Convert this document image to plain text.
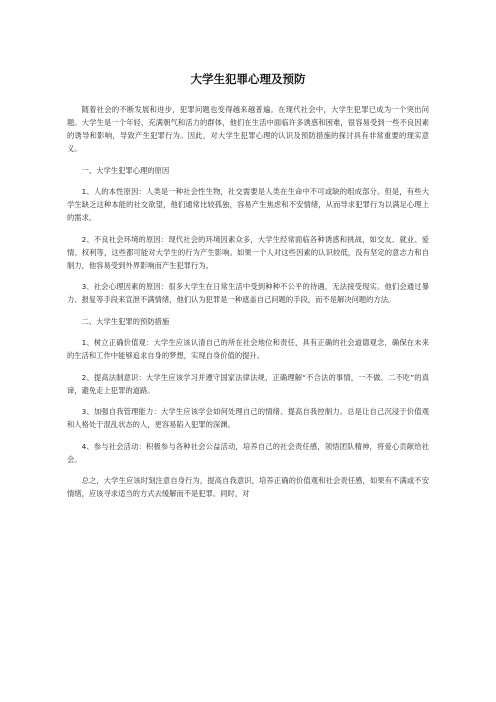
大学生犯罪心理及预防

随着社会的不断发展和进步，犯罪问题也变得越来越普遍。在现代社会中，大学生犯罪已成为一个突出问题。大学生是一个年轻、充满朝气和活力的群体，他们在生活中面临许多诱惑和困难，很容易受到一些不良因素的诱导和影响，导致产生犯罪行为。因此，对大学生犯罪心理的认识及预防措施的探讨具有非常重要的现实意义。

一、大学生犯罪心理的原因

1、人的本性原因：人类是一种社会性生物，社交需要是人类在生命中不可或缺的组成部分。但是，有些大学生缺乏这种本能的社交欲望，他们通常比较孤独，容易产生焦虑和不安情绪，从而导求犯罪行为以满足心理上的需求。

2、不良社会环境的原因：现代社会的环境因素众多，大学生经常面临各种诱惑和挑战，如交友、就业、爱情、权利等，这些都可能对大学生的行为产生影响。如果一个人对这些因素的认识较低，没有坚定的意志力和自制力，他容易受到外界影响而产生犯罪行为。

3、社会心理因素的原因：很多大学生在日常生活中受到种种不公平的待遇，无法接受现实。他们会通过暴力、报复等手段来宣泄不满情绪，他们认为犯罪是一种遮盖自己问题的手段，而不是解决问题的方法。

二、大学生犯罪的预防措施

1、树立正确价值观：大学生应该认清自己的所在社会地位和责任，具有正确的社会道德观念，确保在未来的生活和工作中能够追求自身的梦想，实现自身价值的提升。

2、提高法制意识：大学生应该学习并遵守国家法律法规，正确理解“不合法的事情，一不做、二不吃”的真谛，避免走上犯罪的道路。

3、加强自我管理能力：大学生应该学会如何处理自己的情绪、提高自我控制力。总是让自己沉浸于价值观和人格处于混乱状态的人，更容易陷入犯罪的深渊。

4、参与社会活动：积极参与各种社会公益活动，培养自己的社会责任感，领悟团队精神，将爱心贡献给社会。

总之，大学生应该时刻注意自身行为，提高自我意识，培养正确的价值观和社会责任感，如果有不满或不安情绪，应该寻求适当的方式去缓解而不是犯罪。同时，对
